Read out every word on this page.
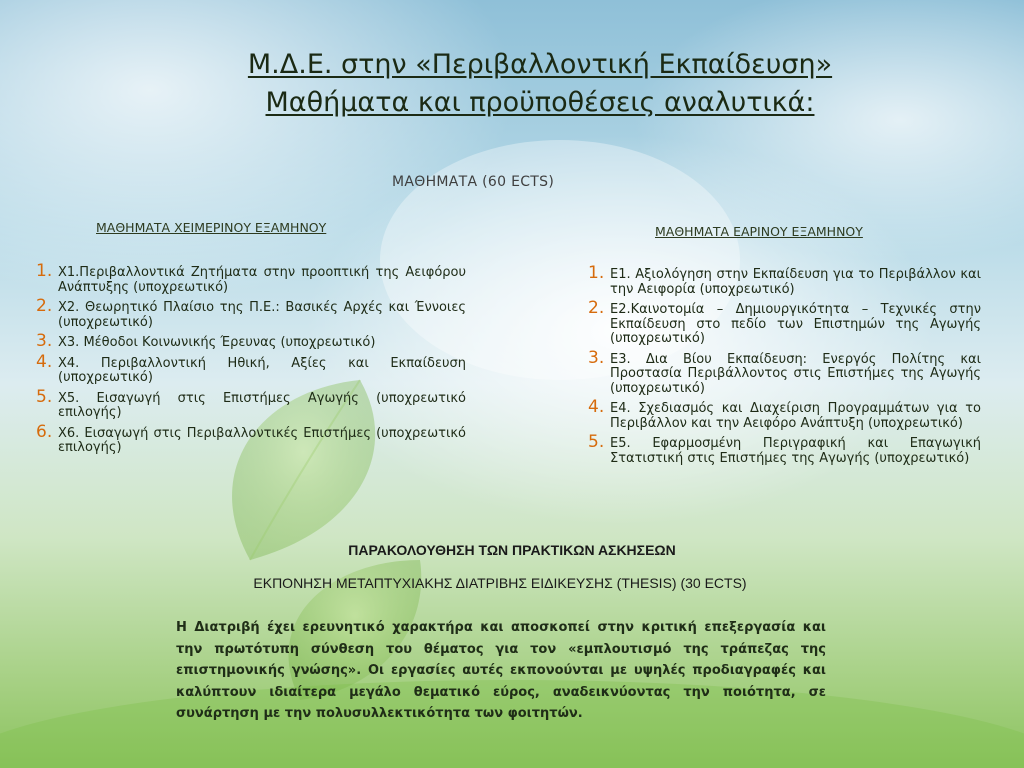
Μ.Δ.Ε. στην «Περιβαλλοντική Εκπαίδευση»
Μαθήματα και προϋποθέσεις αναλυτικά:
ΜΑΘΗΜΑΤΑ (60 ECTS)
ΜΑΘΗΜΑΤΑ ΧΕΙΜΕΡΙΝΟΥ ΕΞΑΜΗΝΟΥ	ΜΑΘΗΜΑΤΑ ΕΑΡΙΝΟΥ ΕΞΑΜΗΝΟΥ
1. Χ1.Περιβαλλοντικά Ζητήματα στην προοπτική της Αειφόρου Ανάπτυξης (υποχρεωτικό)
2. Χ2. Θεωρητικό Πλαίσιο της Π.Ε.: Βασικές Αρχές και Έννοιες (υποχρεωτικό)
3. Χ3. Μέθοδοι Κοινωνικής Έρευνας (υποχρεωτικό)
4. Χ4. Περιβαλλοντική Ηθική, Αξίες και Εκπαίδευση (υποχρεωτικό)
5. Χ5. Εισαγωγή στις Επιστήμες Αγωγής (υποχρεωτικό επιλογής)
6. Χ6. Εισαγωγή στις Περιβαλλοντικές Επιστήμες (υποχρεωτικό επιλογής)
1. Ε1. Αξιολόγηση στην Εκπαίδευση για το Περιβάλλον και την Αειφορία (υποχρεωτικό)
2. Ε2.Καινοτομία – Δημιουργικότητα – Τεχνικές στην Εκπαίδευση στο πεδίο των Επιστημών της Αγωγής (υποχρεωτικό)
3. Ε3. Δια Βίου Εκπαίδευση: Ενεργός Πολίτης και Προστασία Περιβάλλοντος στις Επιστήμες της Αγωγής (υποχρεωτικό)
4. Ε4. Σχεδιασμός και Διαχείριση Προγραμμάτων για το Περιβάλλον και την Αειφόρο Ανάπτυξη (υποχρεωτικό)
5. Ε5. Εφαρμοσμένη Περιγραφική και Επαγωγική Στατιστική στις Επιστήμες της Αγωγής (υποχρεωτικό)
ΠΑΡΑΚΟΛΟΥΘΗΣΗ ΤΩΝ ΠΡΑΚΤΙΚΩΝ ΑΣΚΗΣΕΩΝ
ΕΚΠΟΝΗΣΗ ΜΕΤΑΠΤΥΧΙΑΚΗΣ ΔΙΑΤΡΙΒΗΣ ΕΙΔΙΚΕΥΣΗΣ (THESIS) (30 ECTS)
Η Διατριβή έχει ερευνητικό χαρακτήρα και αποσκοπεί στην κριτική επεξεργασία και την πρωτότυπη σύνθεση του θέματος για τον «εμπλουτισμό της τράπεζας της επιστημονικής γνώσης». Οι εργασίες αυτές εκπονούνται με υψηλές προδιαγραφές και καλύπτουν ιδιαίτερα μεγάλο θεματικό εύρος, αναδεικνύοντας την ποιότητα, σε συνάρτηση με την πολυσυλλεκτικότητα των φοιτητών.
